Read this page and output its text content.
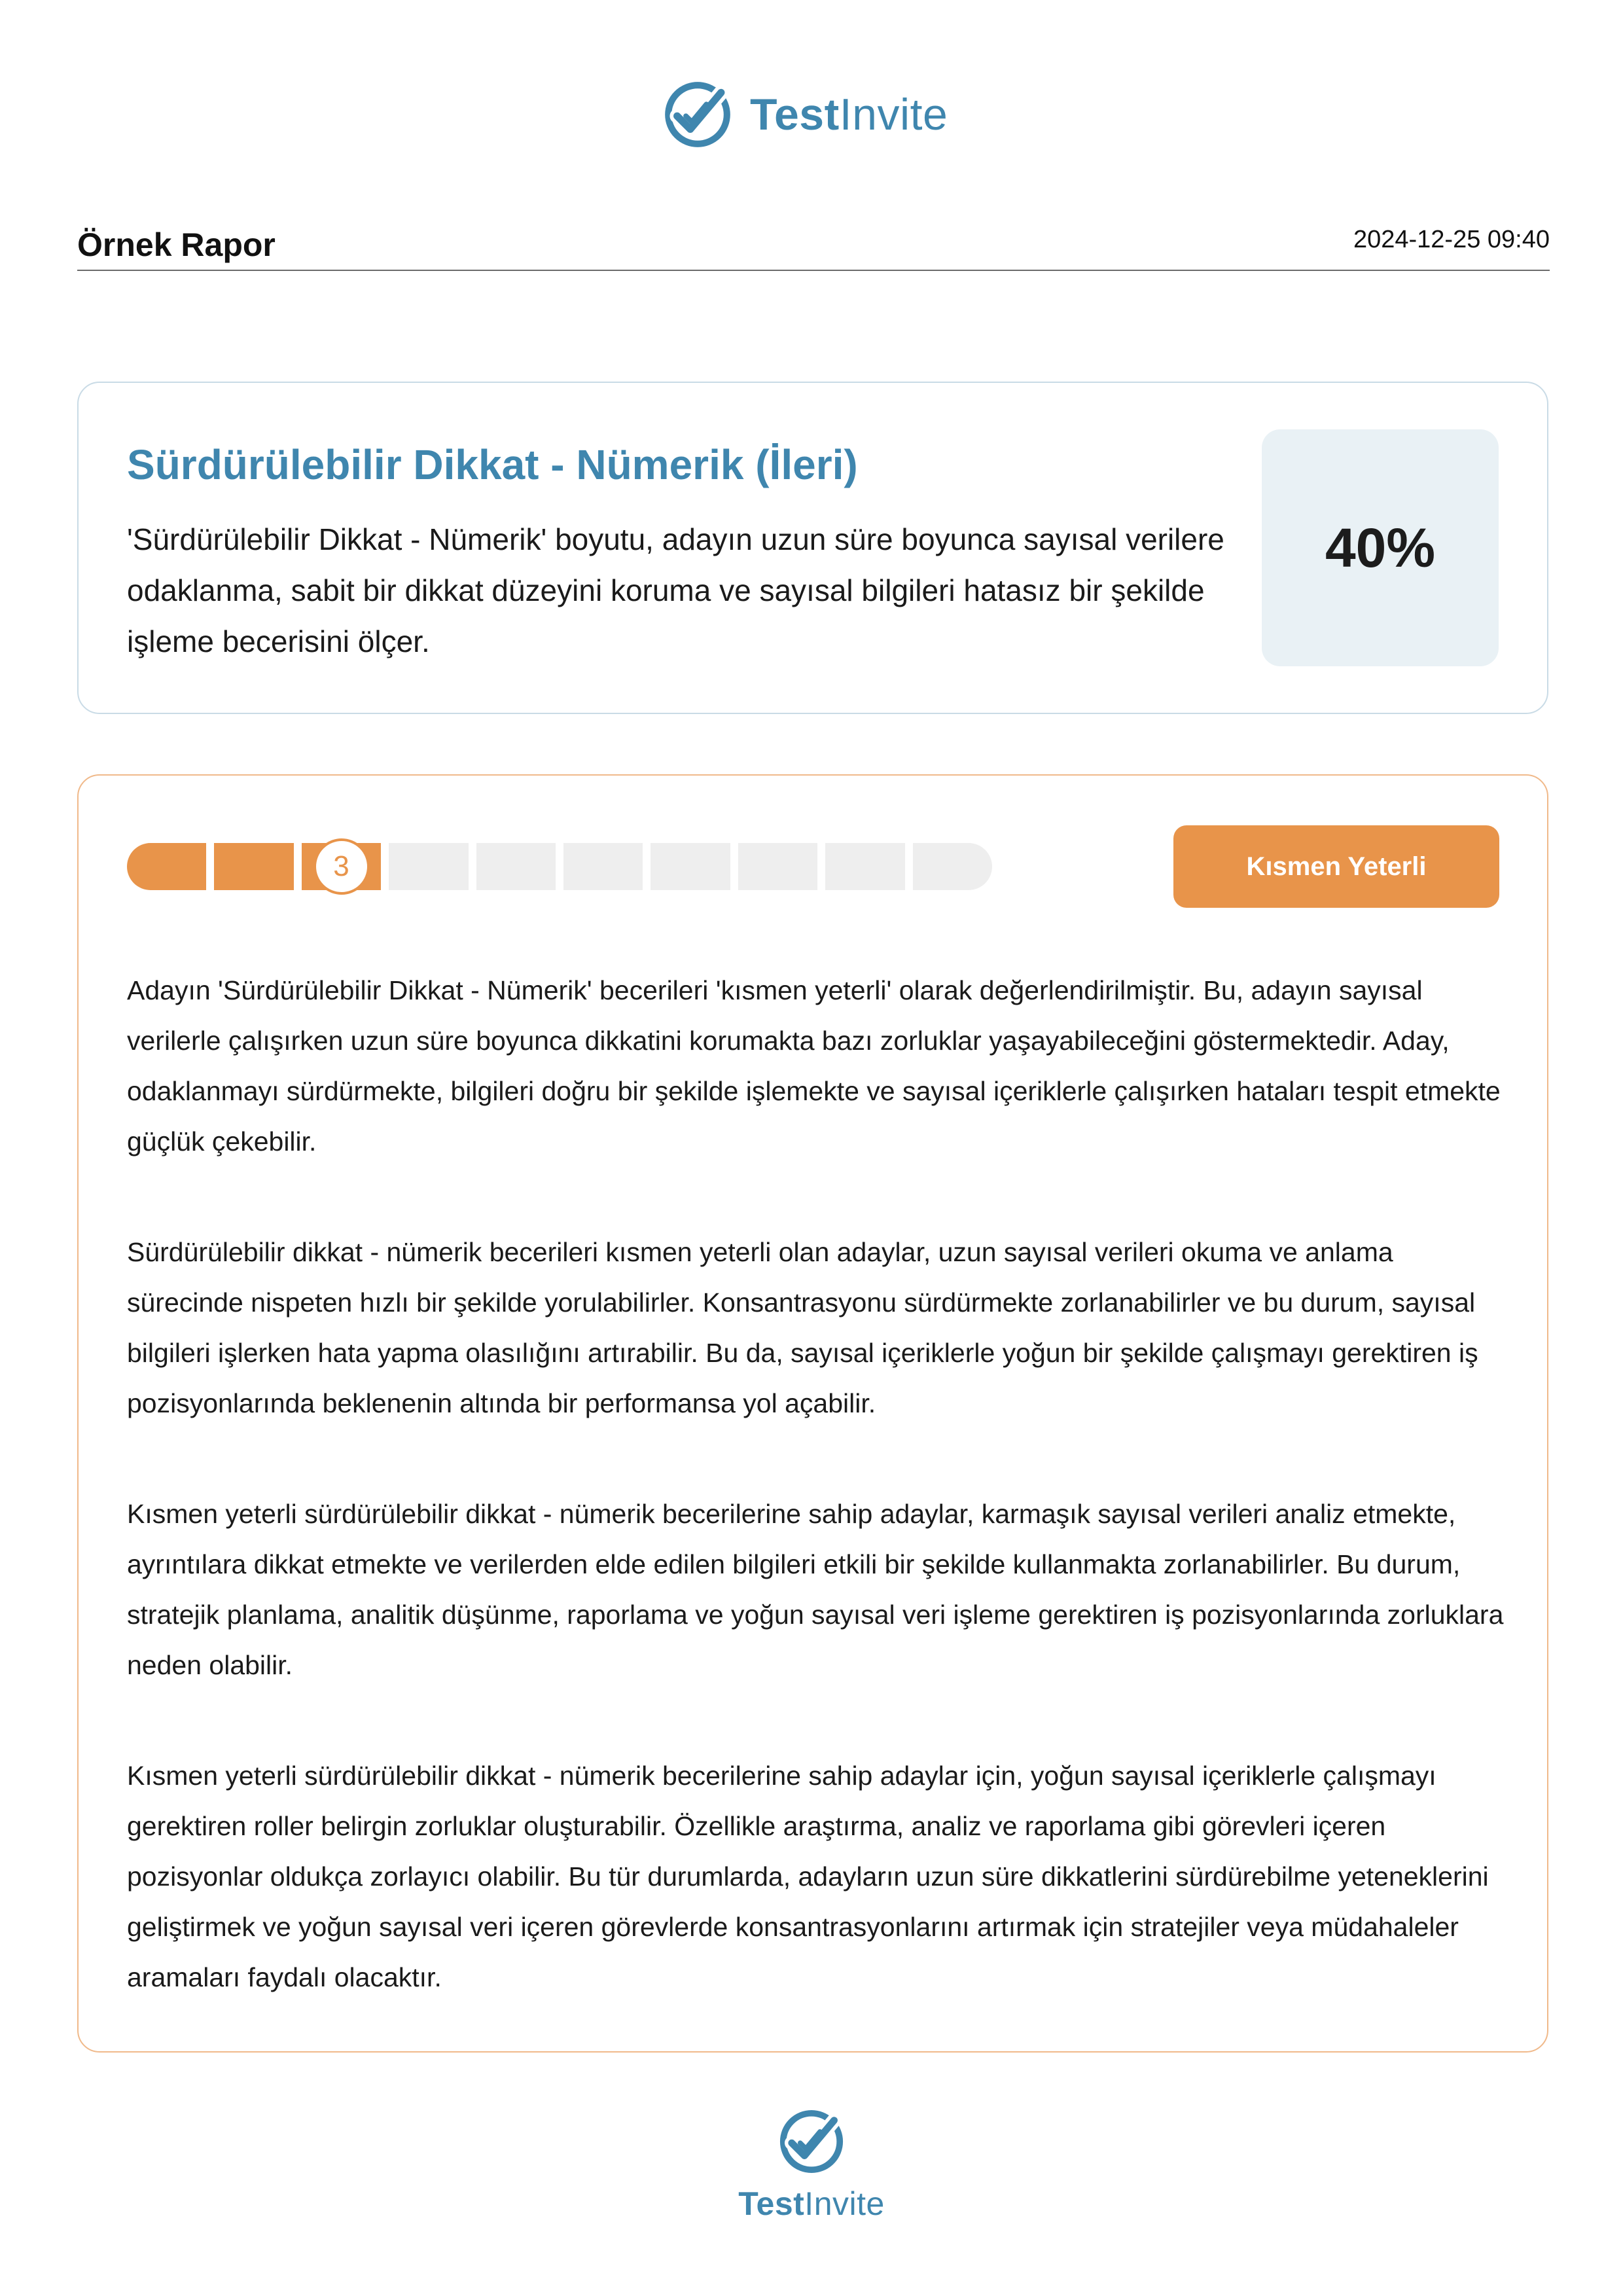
TestInvite
Örnek Rapor	2024-12-25 09:40
Sürdürülebilir Dikkat - Nümerik (İleri)

'Sürdürülebilir Dikkat - Nümerik' boyutu, adayın uzun süre boyunca sayısal verilere odaklanma, sabit bir dikkat düzeyini koruma ve sayısal bilgileri hatasız bir şekilde işleme becerisini ölçer.

40%
3	Kısmen Yeterli

Adayın 'Sürdürülebilir Dikkat - Nümerik' becerileri 'kısmen yeterli' olarak değerlendirilmiştir. Bu, adayın sayısal verilerle çalışırken uzun süre boyunca dikkatini korumakta bazı zorluklar yaşayabileceğini göstermektedir. Aday, odaklanmayı sürdürmekte, bilgileri doğru bir şekilde işlemekte ve sayısal içeriklerle çalışırken hataları tespit etmekte güçlük çekebilir.

Sürdürülebilir dikkat - nümerik becerileri kısmen yeterli olan adaylar, uzun sayısal verileri okuma ve anlama sürecinde nispeten hızlı bir şekilde yorulabilirler. Konsantrasyonu sürdürmekte zorlanabilirler ve bu durum, sayısal bilgileri işlerken hata yapma olasılığını artırabilir. Bu da, sayısal içeriklerle yoğun bir şekilde çalışmayı gerektiren iş pozisyonlarında beklenenin altında bir performansa yol açabilir.

Kısmen yeterli sürdürülebilir dikkat - nümerik becerilerine sahip adaylar, karmaşık sayısal verileri analiz etmekte, ayrıntılara dikkat etmekte ve verilerden elde edilen bilgileri etkili bir şekilde kullanmakta zorlanabilirler. Bu durum, stratejik planlama, analitik düşünme, raporlama ve yoğun sayısal veri işleme gerektiren iş pozisyonlarında zorluklara neden olabilir.

Kısmen yeterli sürdürülebilir dikkat - nümerik becerilerine sahip adaylar için, yoğun sayısal içeriklerle çalışmayı gerektiren roller belirgin zorluklar oluşturabilir. Özellikle araştırma, analiz ve raporlama gibi görevleri içeren pozisyonlar oldukça zorlayıcı olabilir. Bu tür durumlarda, adayların uzun süre dikkatlerini sürdürebilme yeteneklerini geliştirmek ve yoğun sayısal veri içeren görevlerde konsantrasyonlarını artırmak için stratejiler veya müdahaleler aramaları faydalı olacaktır.

TestInvite
